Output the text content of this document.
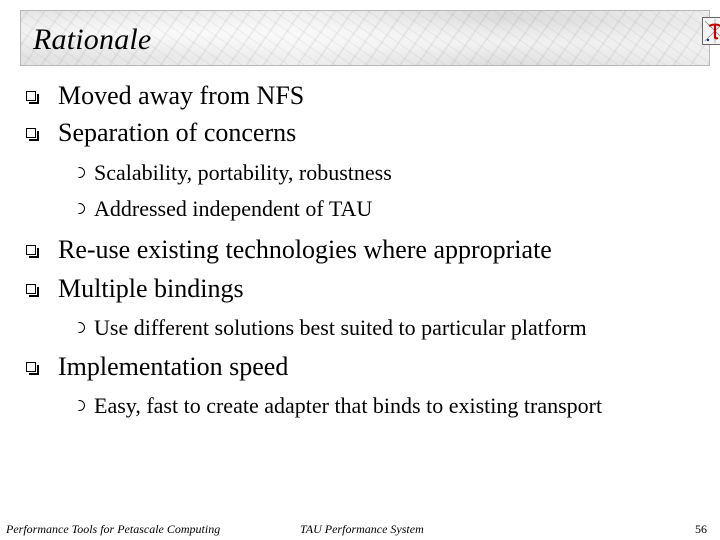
Rationale
Moved away from NFS
Separation of concerns
Scalability, portability, robustness
Addressed independent of TAU
Re-use existing technologies where appropriate
Multiple bindings
Use different solutions best suited to particular platform
Implementation speed
Easy, fast to create adapter that binds to existing transport
Performance Tools for Petascale Computing	TAU Performance System	56
